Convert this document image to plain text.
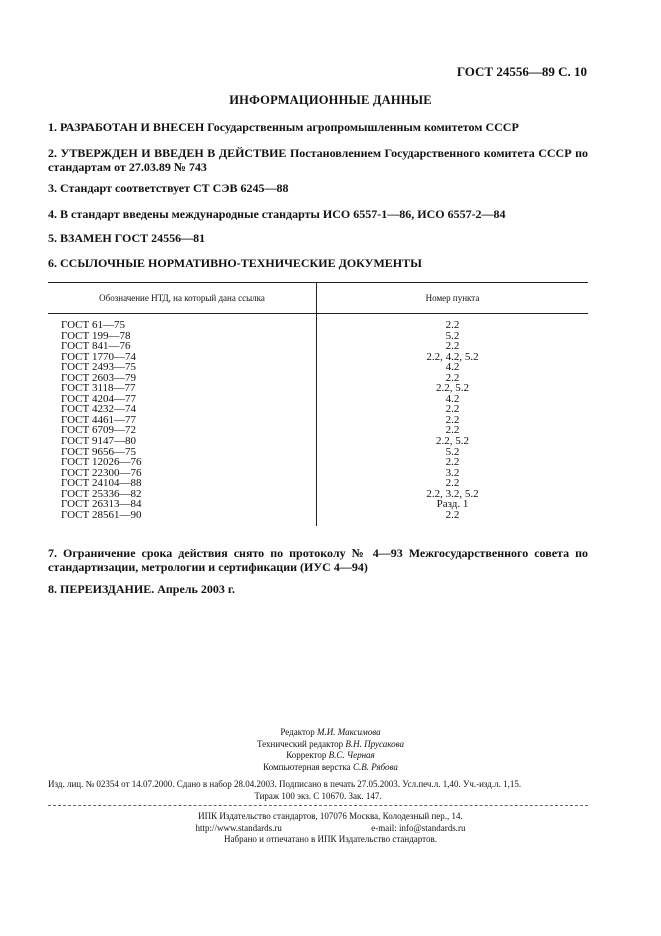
ГОСТ 24556—89 С. 10
ИНФОРМАЦИОННЫЕ ДАННЫЕ
1. РАЗРАБОТАН И ВНЕСЕН Государственным агропромышленным комитетом СССР
2. УТВЕРЖДЕН И ВВЕДЕН В ДЕЙСТВИЕ Постановлением Государственного комитета СССР по стандартам от 27.03.89 № 743
3. Стандарт соответствует СТ СЭВ 6245—88
4. В стандарт введены международные стандарты ИСО 6557-1—86, ИСО 6557-2—84
5. ВЗАМЕН ГОСТ 24556—81
6. ССЫЛОЧНЫЕ НОРМАТИВНО-ТЕХНИЧЕСКИЕ ДОКУМЕНТЫ
Обозначение НТД, на который дана ссылка	Номер пункта

ГОСТ 61—75	2.2
ГОСТ 199—78	5.2
ГОСТ 841—76	2.2
ГОСТ 1770—74	2.2, 4.2, 5.2
ГОСТ 2493—75	4.2
ГОСТ 2603—79	2.2
ГОСТ 3118—77	2.2, 5.2
ГОСТ 4204—77	4.2
ГОСТ 4232—74	2.2
ГОСТ 4461—77	2.2
ГОСТ 6709—72	2.2
ГОСТ 9147—80	2.2, 5.2
ГОСТ 9656—75	5.2
ГОСТ 12026—76	2.2
ГОСТ 22300—76	3.2
ГОСТ 24104—88	2.2
ГОСТ 25336—82	2.2, 3.2, 5.2
ГОСТ 26313—84	Разд. 1
ГОСТ 28561—90	2.2

7. Ограничение срока действия снято по протоколу № 4—93 Межгосударственного совета по стандартизации, метрологии и сертификации (ИУС 4—94)
8. ПЕРЕИЗДАНИЕ. Апрель 2003 г.
Редактор М.И. Максимова
Технический редактор В.Н. Прусакова
Корректор В.С. Черная
Компьютерная верстка С.В. Рябова
Изд. лиц. № 02354 от 14.07.2000. Сдано в набор 28.04.2003. Подписано в печать 27.05.2003. Усл.печ.л. 1,40. Уч.-изд.л. 1,15.
Тираж 100 экз. С 10670. Зак. 147.
ИПК Издательство стандартов, 107076 Москва, Колодезный пер., 14.
http://www.standards.ru	e-mail: info@standards.ru
Набрано и отпечатано в ИПК Издательство стандартов.
